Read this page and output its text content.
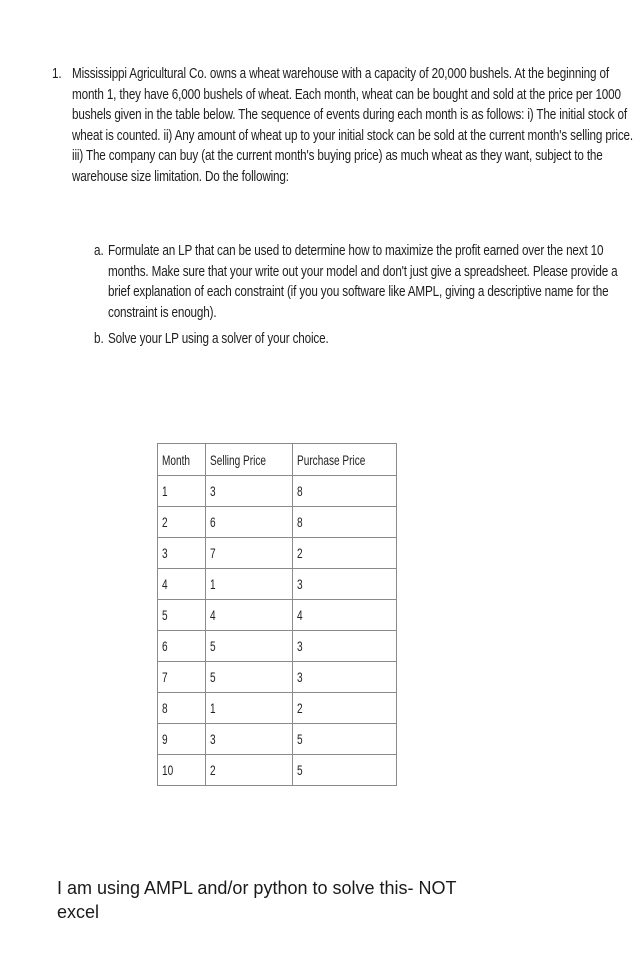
1. Mississippi Agricultural Co. owns a wheat warehouse with a capacity of 20,000 bushels. At the beginning of
month 1, they have 6,000 bushels of wheat. Each month, wheat can be bought and sold at the price per 1000
bushels given in the table below. The sequence of events during each month is as follows: i) The initial stock of
wheat is counted. ii) Any amount of wheat up to your initial stock can be sold at the current month's selling price.
iii) The company can buy (at the current month's buying price) as much wheat as they want, subject to the
warehouse size limitation. Do the following:
a. Formulate an LP that can be used to determine how to maximize the profit earned over the next 10
months. Make sure that your write out your model and don't just give a spreadsheet. Please provide a
brief explanation of each constraint (if you you software like AMPL, giving a descriptive name for the
constraint is enough).
b. Solve your LP using a solver of your choice.
Month	Selling Price	Purchase Price
1	3	8
2	6	8
3	7	2
4	1	3
5	4	4
6	5	3
7	5	3
8	1	2
9	3	5
10	2	5
I am using AMPL and/or python to solve this- NOT excel
